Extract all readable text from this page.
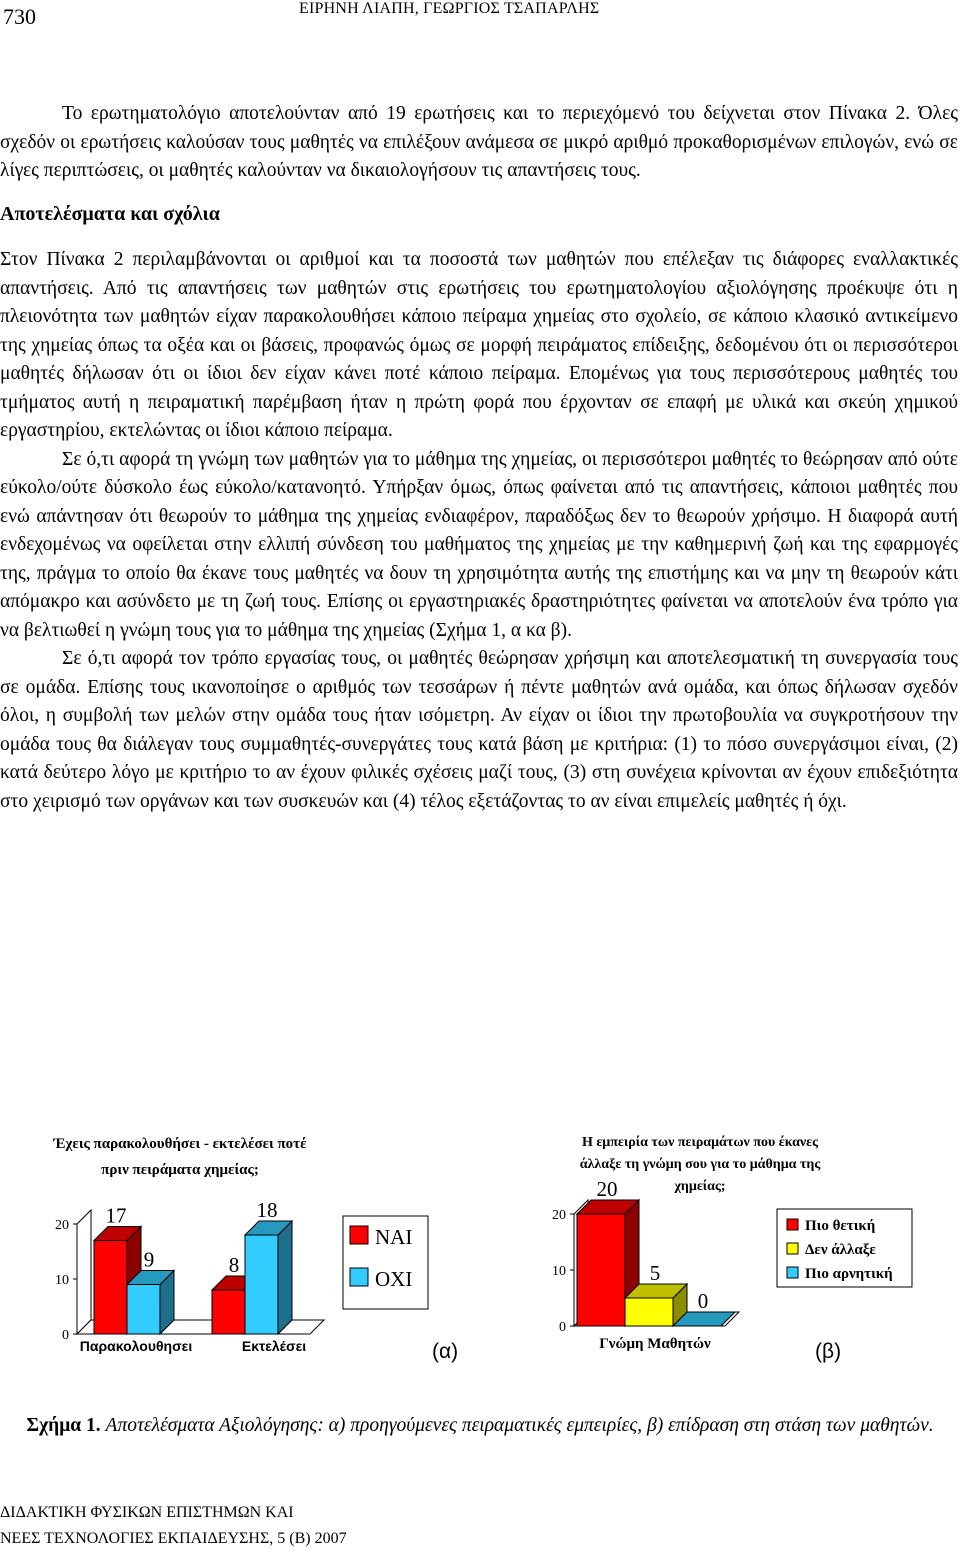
730	ΕΙΡΗΝΗ ΛΙΑΠΗ, ΓΕΩΡΓΙΟΣ ΤΣΑΠΑΡΛΗΣ

Το ερωτηματολόγιο αποτελούνταν από 19 ερωτήσεις και το περιεχόμενό του δείχνεται στον Πίνακα 2. Όλες σχεδόν οι ερωτήσεις καλούσαν τους μαθητές να επιλέξουν ανάμεσα σε μικρό αριθμό προκαθορισμένων επιλογών, ενώ σε λίγες περιπτώσεις, οι μαθητές καλούνταν να δικαιολογήσουν τις απαντήσεις τους.

Αποτελέσματα και σχόλια

Στον Πίνακα 2 περιλαμβάνονται οι αριθμοί και τα ποσοστά των μαθητών που επέλεξαν τις διάφορες εναλλακτικές απαντήσεις. Από τις απαντήσεις των μαθητών στις ερωτήσεις του ερωτηματολογίου αξιολόγησης προέκυψε ότι η πλειονότητα των μαθητών είχαν παρακολουθήσει κάποιο πείραμα χημείας στο σχολείο, σε κάποιο κλασικό αντικείμενο της χημείας όπως τα οξέα και οι βάσεις, προφανώς όμως σε μορφή πειράματος επίδειξης, δεδομένου ότι οι περισσότεροι μαθητές δήλωσαν ότι οι ίδιοι δεν είχαν κάνει ποτέ κάποιο πείραμα. Επομένως για τους περισσότερους μαθητές του τμήματος αυτή η πειραματική παρέμβαση ήταν η πρώτη φορά που έρχονταν σε επαφή με υλικά και σκεύη χημικού εργαστηρίου, εκτελώντας οι ίδιοι κάποιο πείραμα.

Σε ό,τι αφορά τη γνώμη των μαθητών για το μάθημα της χημείας, οι περισσότεροι μαθητές το θεώρησαν από ούτε εύκολο/ούτε δύσκολο έως εύκολο/κατανοητό. Υπήρξαν όμως, όπως φαίνεται από τις απαντήσεις, κάποιοι μαθητές που ενώ απάντησαν ότι θεωρούν το μάθημα της χημείας ενδιαφέρον, παραδόξως δεν το θεωρούν χρήσιμο. Η διαφορά αυτή ενδεχομένως να οφείλεται στην ελλιπή σύνδεση του μαθήματος της χημείας με την καθημερινή ζωή και της εφαρμογές της, πράγμα το οποίο θα έκανε τους μαθητές να δουν τη χρησιμότητα αυτής της επιστήμης και να μην τη θεωρούν κάτι απόμακρο και ασύνδετο με τη ζωή τους. Επίσης οι εργαστηριακές δραστηριότητες φαίνεται να αποτελούν ένα τρόπο για να βελτιωθεί η γνώμη τους για το μάθημα της χημείας (Σχήμα 1, α κα β).

Σε ό,τι αφορά τον τρόπο εργασίας τους, οι μαθητές θεώρησαν χρήσιμη και αποτελεσματική τη συνεργασία τους σε ομάδα. Επίσης τους ικανοποίησε ο αριθμός των τεσσάρων ή πέντε μαθητών ανά ομάδα, και όπως δήλωσαν σχεδόν όλοι, η συμβολή των μελών στην ομάδα τους ήταν ισόμετρη. Αν είχαν οι ίδιοι την πρωτοβουλία να συγκροτήσουν την ομάδα τους θα διάλεγαν τους συμμαθητές-συνεργάτες τους κατά βάση με κριτήρια: (1) το πόσο συνεργάσιμοι είναι, (2) κατά δεύτερο λόγο με κριτήριο το αν έχουν φιλικές σχέσεις μαζί τους, (3) στη συνέχεια κρίνονται αν έχουν επιδεξιότητα στο χειρισμό των οργάνων και των συσκευών και (4) τέλος εξετάζοντας το αν είναι επιμελείς μαθητές ή όχι.

Έχεις παρακολουθήσει - εκτελέσει ποτέ
πριν πειράματα χημείας;
0
10
20 17
8
9
18
Παρακολουθησει	Εκτελέσει
ΝΑΙ
ΟΧΙ
(α)
Η εμπειρία των πειραμάτων που έκανες
άλλαξε τη γνώμη σου για το μάθημα της
χημείας;
0
10
20
20
5
0
Γνώμη Μαθητών
Πιο θετική
Δεν άλλαξε
Πιο αρνητική
(β)
Σχήμα 1. Αποτελέσματα Αξιολόγησης: α) προηγούμενες πειραματικές εμπειρίες, β) επίδραση στη στάση των μαθητών.
ΔΙΔΑΚΤΙΚΗ ΦΥΣΙΚΩΝ ΕΠΙΣΤΗΜΩΝ ΚΑΙ
ΝΕΕΣ ΤΕΧΝΟΛΟΓΙΕΣ ΕΚΠΑΙΔΕΥΣΗΣ, 5 (Β) 2007
